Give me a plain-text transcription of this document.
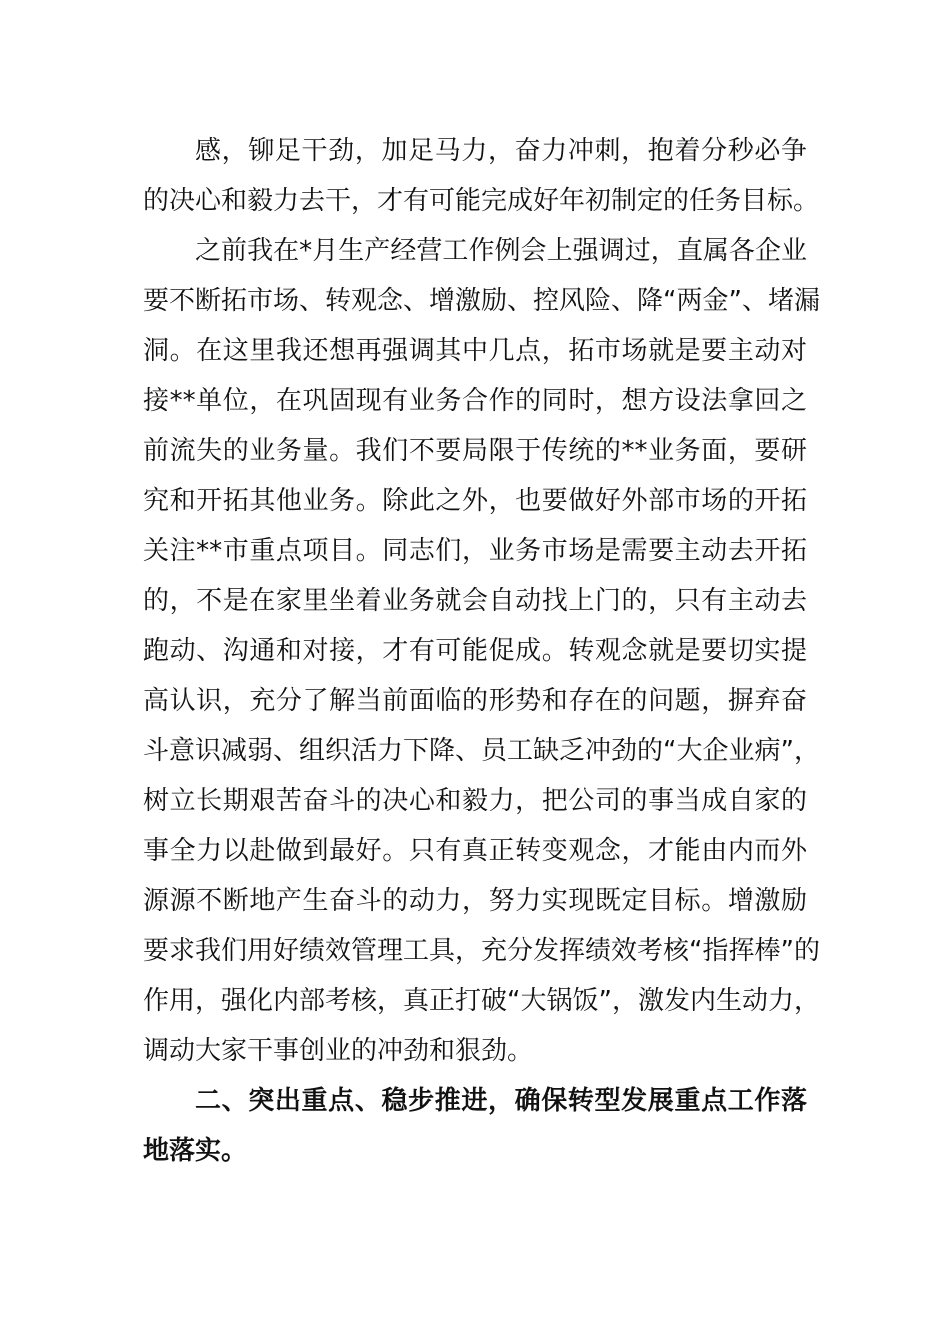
感，铆足干劲，加足马力，奋力冲刺，抱着分秒必争
的决心和毅力去干，才有可能完成好年初制定的任务目标。
之前我在*月生产经营工作例会上强调过，直属各企业
要不断拓市场、转观念、增激励、控风险、降“两金”、堵漏
洞。在这里我还想再强调其中几点，拓市场就是要主动对
接**单位，在巩固现有业务合作的同时，想方设法拿回之
前流失的业务量。我们不要局限于传统的**业务面，要研
究和开拓其他业务。除此之外，也要做好外部市场的开拓
关注**市重点项目。同志们，业务市场是需要主动去开拓
的，不是在家里坐着业务就会自动找上门的，只有主动去
跑动、沟通和对接，才有可能促成。转观念就是要切实提
高认识，充分了解当前面临的形势和存在的问题，摒弃奋
斗意识减弱、组织活力下降、员工缺乏冲劲的“大企业病”，
树立长期艰苦奋斗的决心和毅力，把公司的事当成自家的
事全力以赴做到最好。只有真正转变观念，才能由内而外
源源不断地产生奋斗的动力，努力实现既定目标。增激励
要求我们用好绩效管理工具，充分发挥绩效考核“指挥棒”的
作用，强化内部考核，真正打破“大锅饭”，激发内生动力，
调动大家干事创业的冲劲和狠劲。
二、突出重点、稳步推进，确保转型发展重点工作落
地落实。
